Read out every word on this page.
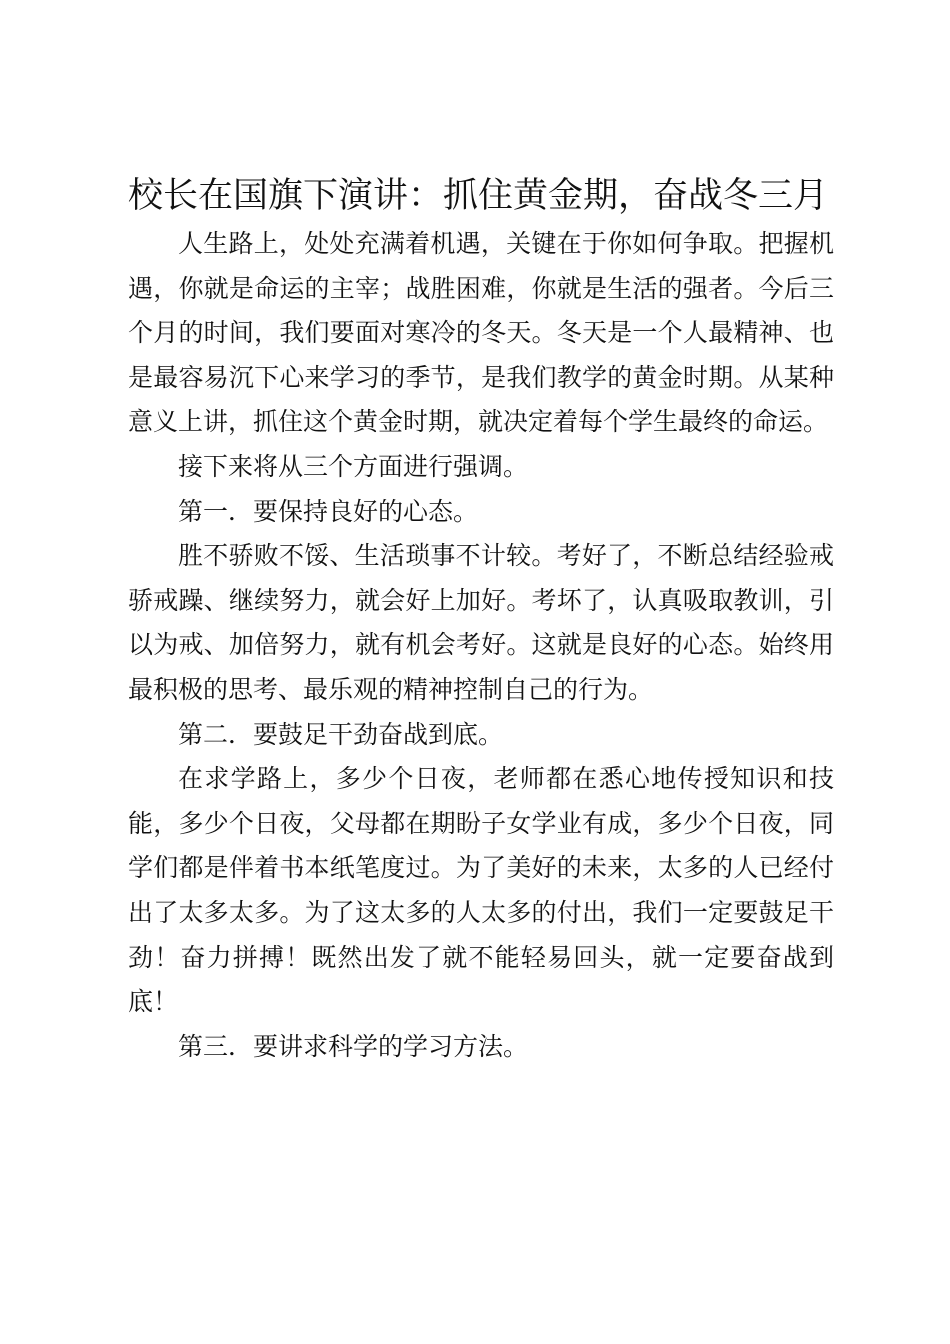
校长在国旗下演讲：抓住黄金期，奋战冬三月

人生路上，处处充满着机遇，关键在于你如何争取。把握机遇，你就是命运的主宰；战胜困难，你就是生活的强者。今后三个月的时间，我们要面对寒冷的冬天。冬天是一个人最精神、也是最容易沉下心来学习的季节，是我们教学的黄金时期。从某种意义上讲，抓住这个黄金时期，就决定着每个学生最终的命运。

接下来将从三个方面进行强调。

第一．要保持良好的心态。

胜不骄败不馁、生活琐事不计较。考好了，不断总结经验戒骄戒躁、继续努力，就会好上加好。考坏了，认真吸取教训，引以为戒、加倍努力，就有机会考好。这就是良好的心态。始终用最积极的思考、最乐观的精神控制自己的行为。

第二．要鼓足干劲奋战到底。

在求学路上，多少个日夜，老师都在悉心地传授知识和技能，多少个日夜，父母都在期盼子女学业有成，多少个日夜，同学们都是伴着书本纸笔度过。为了美好的未来，太多的人已经付出了太多太多。为了这太多的人太多的付出，我们一定要鼓足干劲！奋力拼搏！既然出发了就不能轻易回头，就一定要奋战到底！

第三．要讲求科学的学习方法。
